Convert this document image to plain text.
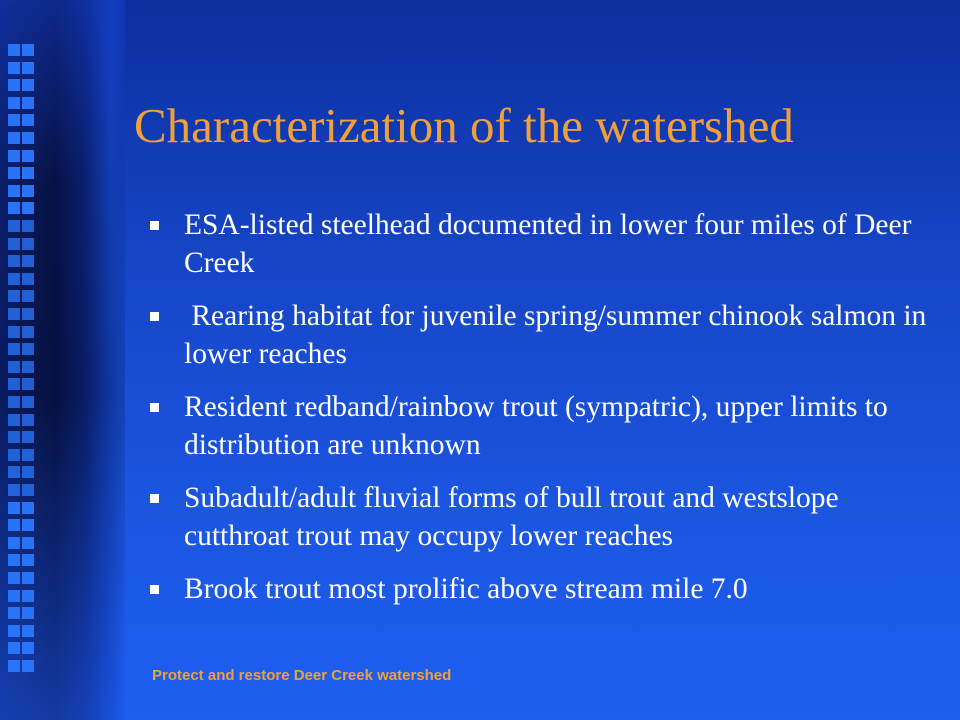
Characterization of the watershed
ESA-listed steelhead documented in lower four miles of Deer Creek
Rearing habitat for juvenile spring/summer chinook salmon in lower reaches
Resident redband/rainbow trout (sympatric), upper limits to distribution are unknown
Subadult/adult fluvial forms of bull trout and westslope cutthroat trout may occupy lower reaches
Brook trout most prolific above stream mile 7.0
Protect and restore Deer Creek watershed
